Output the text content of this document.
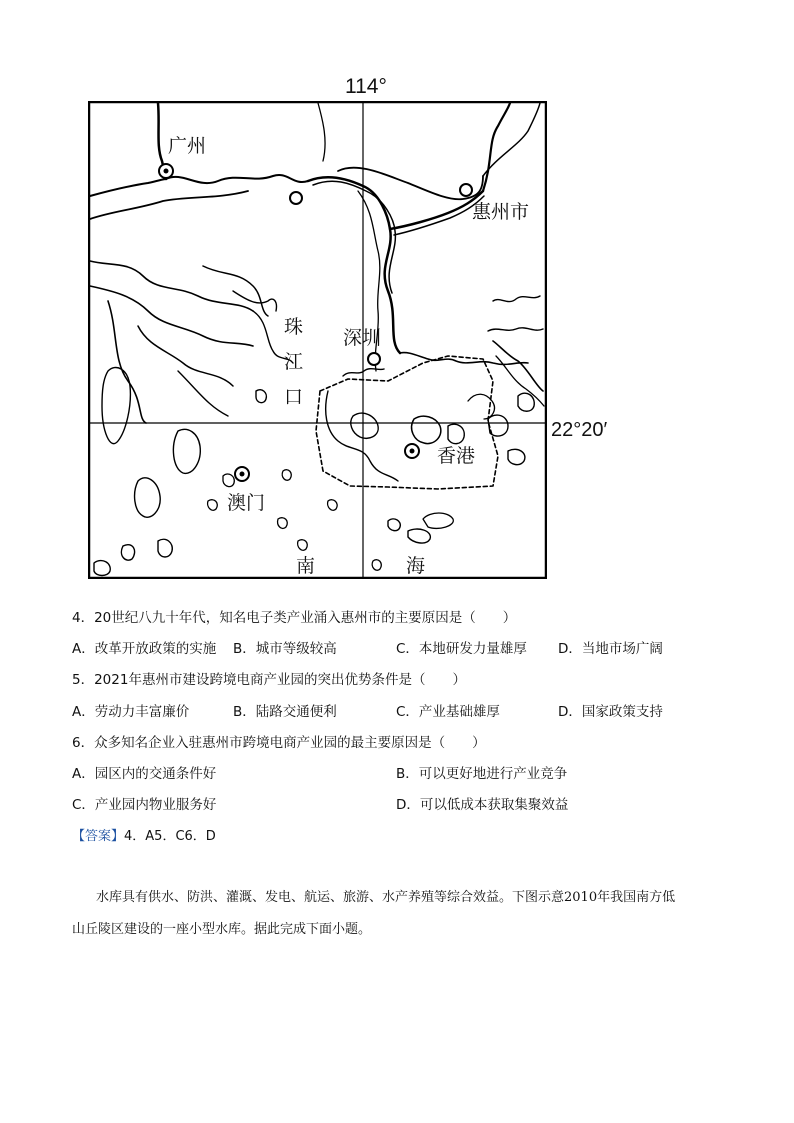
114°
22°20′
广州
惠州市
深圳
珠
江
口
香港
澳门
南	海
4．20世纪八九十年代，知名电子类产业涌入惠州市的主要原因是（　　）
A．改革开放政策的实施 B．城市等级较高	C．本地研发力量雄厚 D．当地市场广阔
5．2021年惠州市建设跨境电商产业园的突出优势条件是（　　）
A．劳动力丰富廉价	B．陆路交通便利	C．产业基础雄厚	D．国家政策支持
6．众多知名企业入驻惠州市跨境电商产业园的最主要原因是（　　）
A．园区内的交通条件好	B．可以更好地进行产业竞争
C．产业园内物业服务好	D．可以低成本获取集聚效益
【答案】4．A5．C6．D
水库具有供水、防洪、灌溉、发电、航运、旅游、水产养殖等综合效益。下图示意2010年我国南方低
山丘陵区建设的一座小型水库。据此完成下面小题。
